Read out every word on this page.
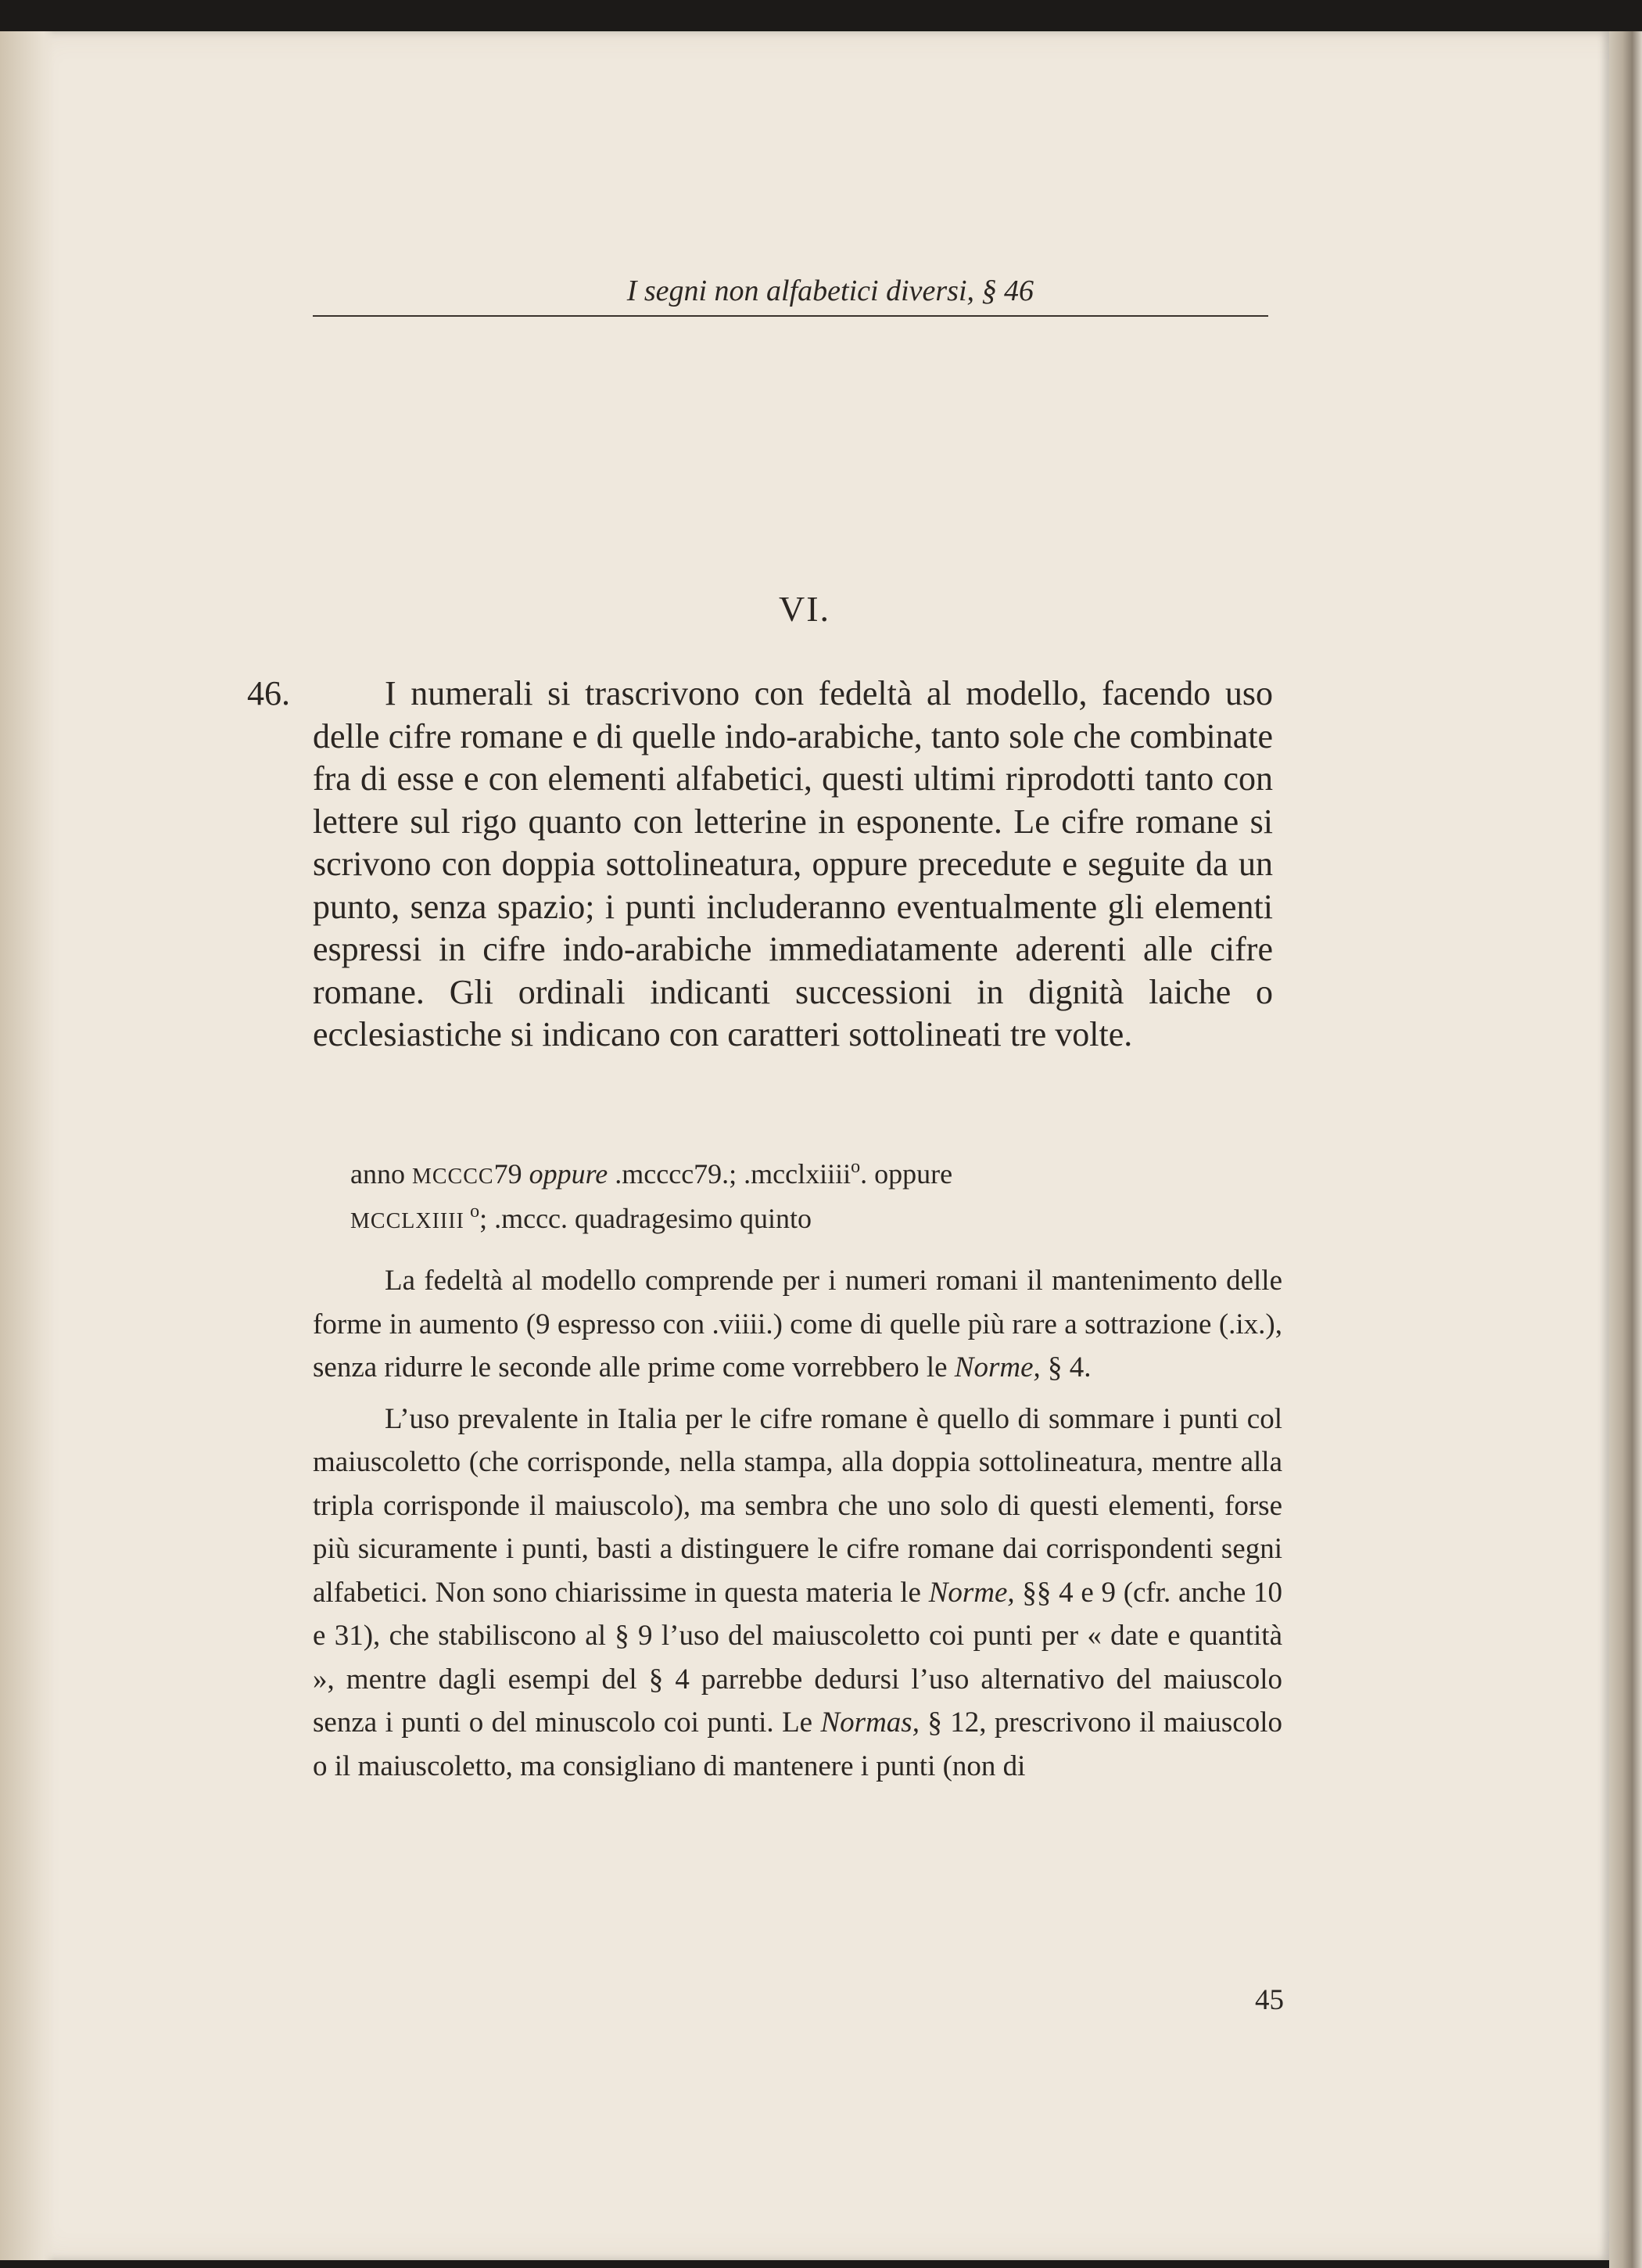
I segni non alfabetici diversi, § 46
VI.
46.	I numerali si trascrivono con fedeltà al modello, facendo uso delle cifre romane e di quelle indo-arabiche, tanto sole che combinate fra di esse e con elementi alfabetici, questi ultimi riprodotti tanto con lettere sul rigo quanto con letterine in esponente. Le cifre romane si scrivono con doppia sottolineatura, oppure precedute e seguite da un punto, senza spazio; i punti includeranno eventualmente gli elementi espressi in cifre indo-arabiche immediatamente aderenti alle cifre romane. Gli ordinali indicanti successioni in dignità laiche o ecclesiastiche si indicano con caratteri sottolineati tre volte.

anno MCCCC79 oppure .mcccc79.; .mcclxiiii$^o$. oppure
MCCLXIIII  $^o$; .mccc. quadragesimo quinto

La fedeltà al modello comprende per i numeri romani il mantenimento delle forme in aumento (9 espresso con .viiii.) come di quelle più rare a sottrazione (.ix.), senza ridurre le seconde alle prime come vorrebbero le Norme, § 4.

L’uso prevalente in Italia per le cifre romane è quello di sommare i punti col maiuscoletto (che corrisponde, nella stampa, alla doppia sottolineatura, mentre alla tripla corrisponde il maiuscolo), ma sembra che uno solo di questi elementi, forse più sicuramente i punti, basti a distinguere le cifre romane dai corrispondenti segni alfabetici. Non sono chiarissime in questa materia le Norme, §§ 4 e 9 (cfr. anche 10 e 31), che stabiliscono al § 9 l’uso del maiuscoletto coi punti per « date e quantità », mentre dagli esempi del § 4 parrebbe dedursi l’uso alternativo del maiuscolo senza i punti o del minuscolo coi punti. Le Normas, § 12, prescrivono il maiuscolo o il maiuscoletto, ma consigliano di mantenere i punti (non di

45
